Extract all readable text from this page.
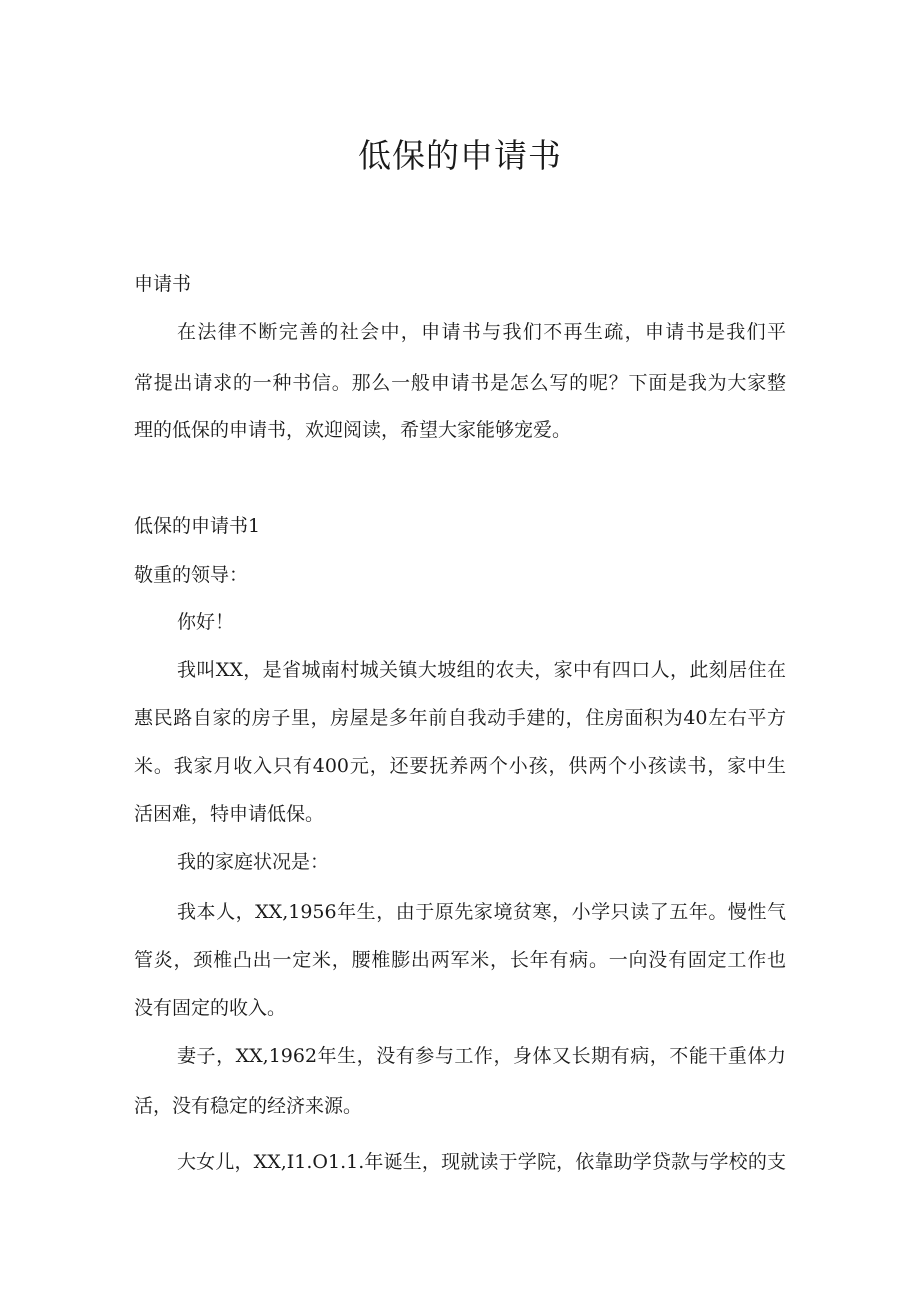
低保的申请书
申请书
在法律不断完善的社会中，申请书与我们不再生疏，申请书是我们平
常提出请求的一种书信。那么一般申请书是怎么写的呢？下面是我为大家整
理的低保的申请书，欢迎阅读，希望大家能够宠爱。
低保的申请书1
敬重的领导：
你好！
我叫XX，是省城南村城关镇大坡组的农夫，家中有四口人，此刻居住在
惠民路自家的房子里，房屋是多年前自我动手建的，住房面积为40左右平方
米。我家月收入只有400元，还要抚养两个小孩，供两个小孩读书，家中生
活困难，特申请低保。
我的家庭状况是：
我本人，XX,1956年生，由于原先家境贫寒，小学只读了五年。慢性气
管炎，颈椎凸出一定米，腰椎膨出两军米，长年有病。一向没有固定工作也
没有固定的收入。
妻子，XX,1962年生，没有参与工作，身体又长期有病，不能干重体力
活，没有稳定的经济来源。
大女儿，XX,I1.O1.1.年诞生，现就读于学院，依靠助学贷款与学校的支
